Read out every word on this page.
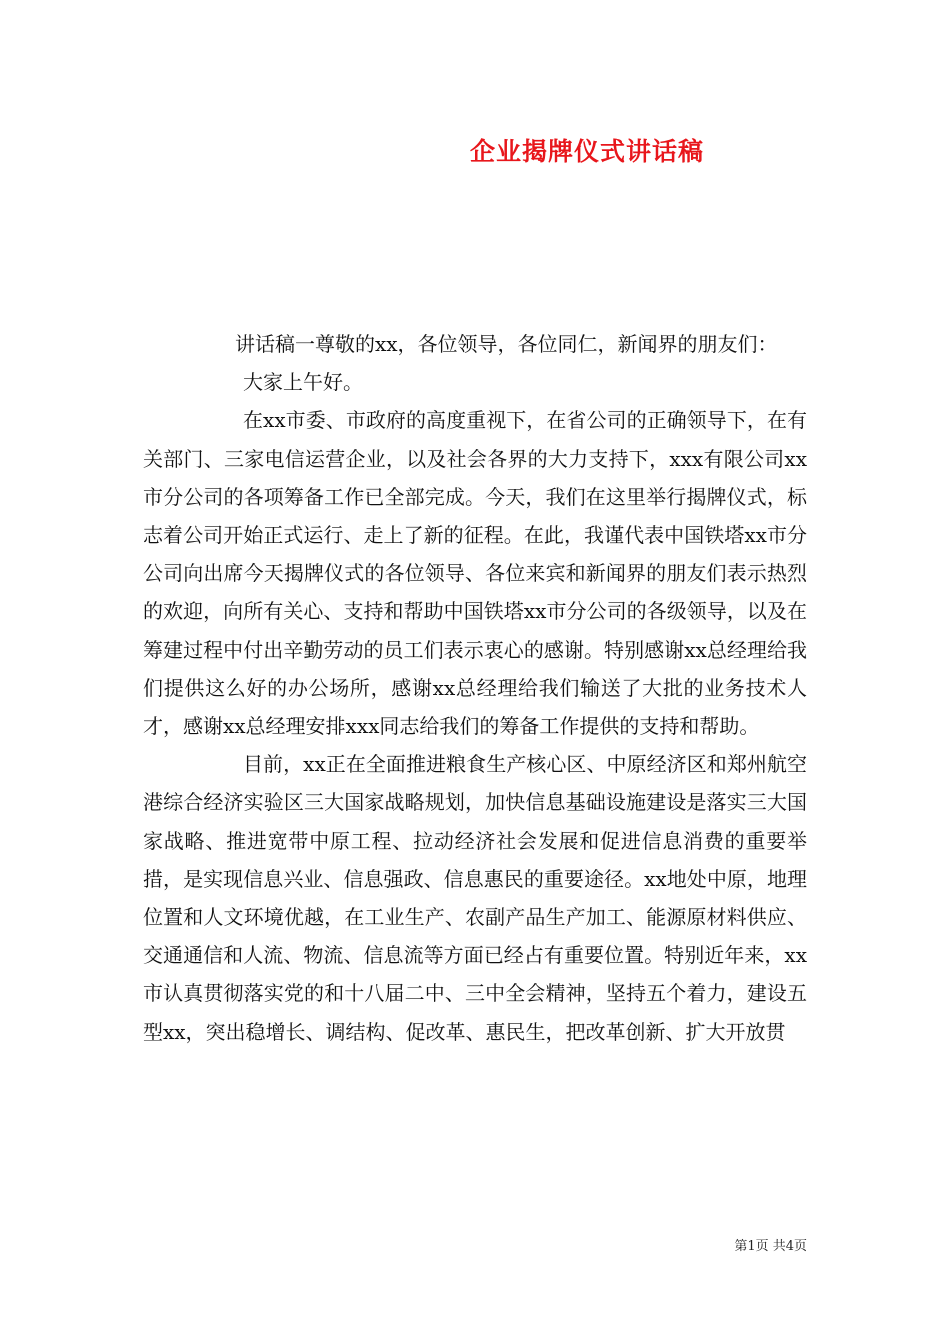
企业揭牌仪式讲话稿

讲话稿一尊敬的xx，各位领导，各位同仁，新闻界的朋友们：

大家上午好。

在xx市委、市政府的高度重视下，在省公司的正确领导下，在有关部门、三家电信运营企业，以及社会各界的大力支持下，xxx有限公司xx市分公司的各项筹备工作已全部完成。今天，我们在这里举行揭牌仪式，标志着公司开始正式运行、走上了新的征程。在此，我谨代表中国铁塔xx市分公司向出席今天揭牌仪式的各位领导、各位来宾和新闻界的朋友们表示热烈的欢迎，向所有关心、支持和帮助中国铁塔xx市分公司的各级领导，以及在筹建过程中付出辛勤劳动的员工们表示衷心的感谢。特别感谢xx总经理给我们提供这么好的办公场所，感谢xx总经理给我们输送了大批的业务技术人才，感谢xx总经理安排xxx同志给我们的筹备工作提供的支持和帮助。

目前，xx正在全面推进粮食生产核心区、中原经济区和郑州航空港综合经济实验区三大国家战略规划，加快信息基础设施建设是落实三大国家战略、推进宽带中原工程、拉动经济社会发展和促进信息消费的重要举措，是实现信息兴业、信息强政、信息惠民的重要途径。xx地处中原，地理位置和人文环境优越，在工业生产、农副产品生产加工、能源原材料供应、交通通信和人流、物流、信息流等方面已经占有重要位置。特别近年来，xx市认真贯彻落实党的和十八届二中、三中全会精神，坚持五个着力，建设五型xx，突出稳增长、调结构、促改革、惠民生，把改革创新、扩大开放贯

第1页 共4页
